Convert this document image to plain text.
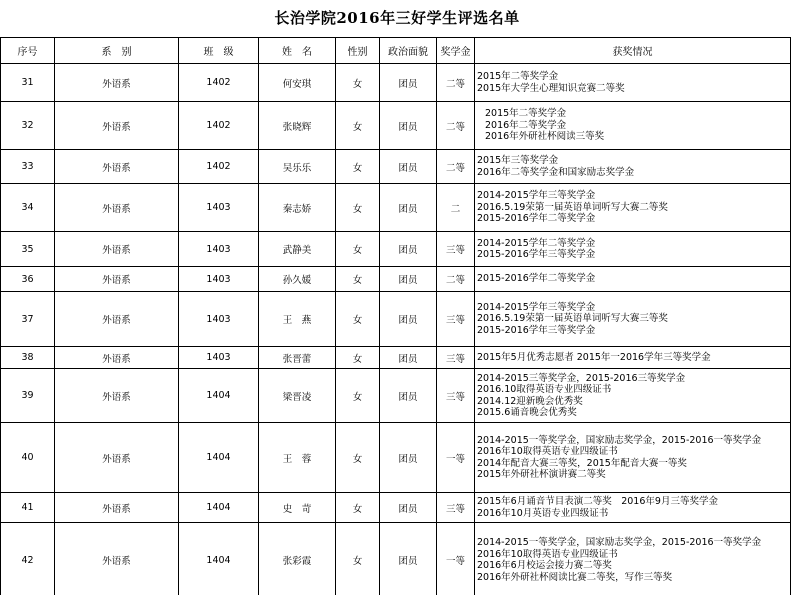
长治学院2016年三好学生评选名单
序号	系　别	班　级	姓　名	性别	政治面貌	奖学金	获奖情况
31	外语系	1402	何安琪	女	团员	二等	2015年二等奖学金
2015年大学生心理知识竞赛二等奖

32	外语系	1402	张晓辉	女	团员	二等	2015年二等奖学金
2016年二等奖学金
2016年外研社杯阅读三等奖

33	外语系	1402	吴乐乐	女	团员	二等	2015年三等奖学金
2016年二等奖学金和国家励志奖学金

34	外语系	1403	秦志娇	女	团员	二	2014-2015学年三等奖学金
2016.5.19荣第一届英语单词听写大赛二等奖
2015-2016学年二等奖学金

35	外语系	1403	武静美	女	团员	三等	2014-2015学年二等奖学金
2015-2016学年三等奖学金

36	外语系	1403	孙久媛	女	团员	二等	2015-2016学年二等奖学金

37	外语系	1403	王　燕	女	团员	三等	2014-2015学年三等奖学金
2016.5.19荣第一届英语单词听写大赛三等奖
2015-2016学年三等奖学金

38	外语系	1403	张晋蕾	女	团员	三等	2015年5月优秀志愿者 2015年一2016学年三等奖学金

39	外语系	1404	梁晋凌	女	团员	三等	2014-2015三等奖学金，2015-2016三等奖学金
2016.10取得英语专业四级证书
2014.12迎新晚会优秀奖
2015.6诵音晚会优秀奖

40	外语系	1404	王　蓉	女	团员	一等	2014-2015一等奖学金，国家励志奖学金，2015-2016一等奖学金
2016年10取得英语专业四级证书
2014年配音大赛三等奖，2015年配音大赛一等奖
2015年外研社杯演讲赛二等奖

41	外语系	1404	史　苛	女	团员	三等	2015年6月诵音节目表演二等奖　2016年9月三等奖学金
2016年10月英语专业四级证书

42	外语系	1404	张彩霞	女	团员	一等	2014-2015一等奖学金，国家励志奖学金，2015-2016一等奖学金
2016年10取得英语专业四级证书
2016年6月校运会接力赛二等奖
2016年外研社杯阅读比赛二等奖，写作三等奖
